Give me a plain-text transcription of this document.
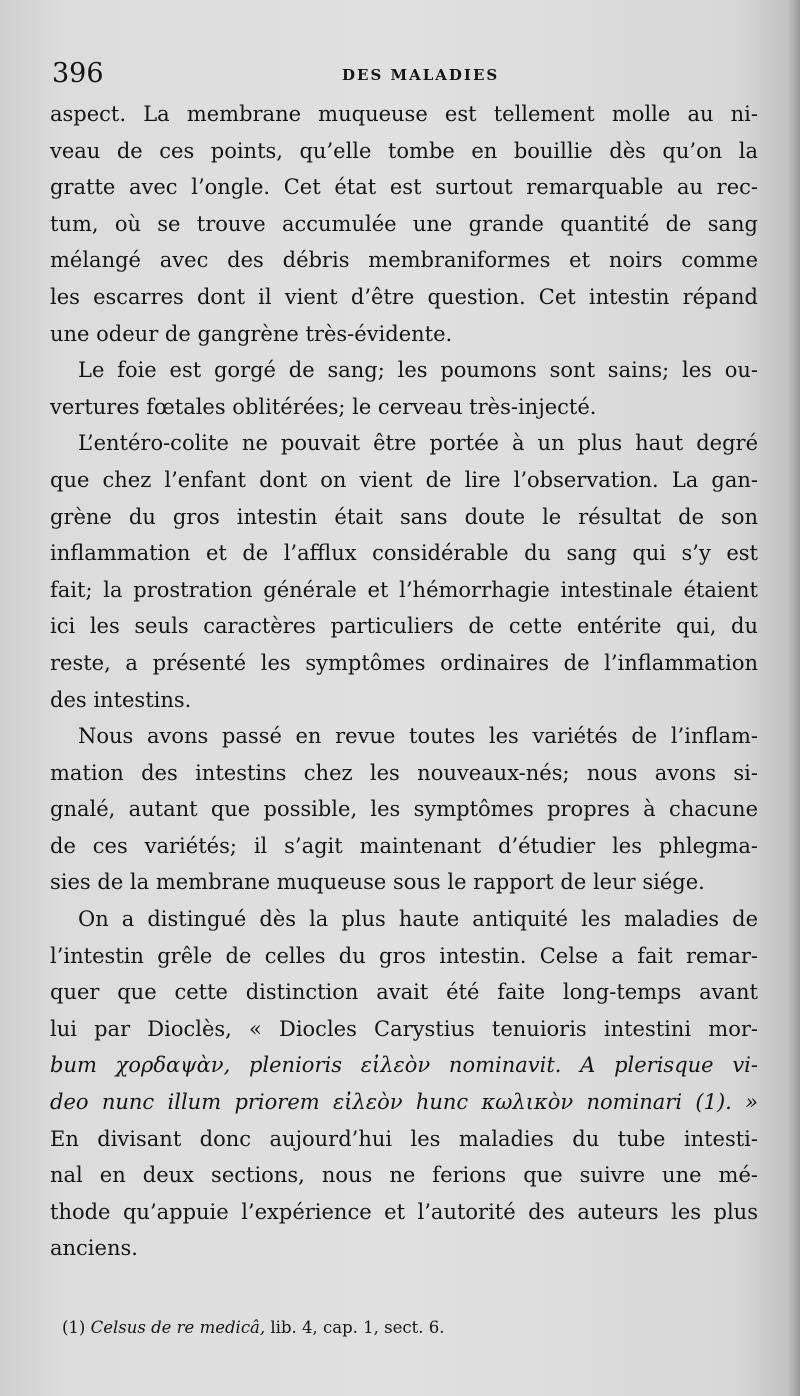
396	DES MALADIES
aspect. La membrane muqueuse est tellement molle au ni-
veau de ces points, qu’elle tombe en bouillie dès qu’on la
gratte avec l’ongle. Cet état est surtout remarquable au rec-
tum, où se trouve accumulée une grande quantité de sang
mélangé avec des débris membraniformes et noirs comme
les escarres dont il vient d’être question. Cet intestin répand
une odeur de gangrène très-évidente.
Le foie est gorgé de sang; les poumons sont sains; les ou-
vertures fœtales oblitérées; le cerveau très-injecté.
L’entéro-colite ne pouvait être portée à un plus haut degré
que chez l’enfant dont on vient de lire l’observation. La gan-
grène du gros intestin était sans doute le résultat de son
inflammation et de l’afflux considérable du sang qui s’y est
fait; la prostration générale et l’hémorrhagie intestinale étaient
ici les seuls caractères particuliers de cette entérite qui, du
reste, a présenté les symptômes ordinaires de l’inflammation
des intestins.
Nous avons passé en revue toutes les variétés de l’inflam-
mation des intestins chez les nouveaux-nés; nous avons si-
gnalé, autant que possible, les symptômes propres à chacune
de ces variétés; il s’agit maintenant d’étudier les phlegma-
sies de la membrane muqueuse sous le rapport de leur siége.
On a distingué dès la plus haute antiquité les maladies de
l’intestin grêle de celles du gros intestin. Celse a fait remar-
quer que cette distinction avait été faite long-temps avant
lui par Dioclès, « Diocles Carystius tenuioris intestini mor-
bum χορδαψὰν, plenioris εἰλεὸν nominavit. A plerisque vi-
deo nunc illum priorem εἰλεὸν hunc κωλικὸν nominari (1). »
En divisant donc aujourd’hui les maladies du tube intesti-
nal en deux sections, nous ne ferions que suivre une mé-
thode qu’appuie l’expérience et l’autorité des auteurs les plus
anciens.
(1) Celsus de re medicâ, lib. 4, cap. 1, sect. 6.
